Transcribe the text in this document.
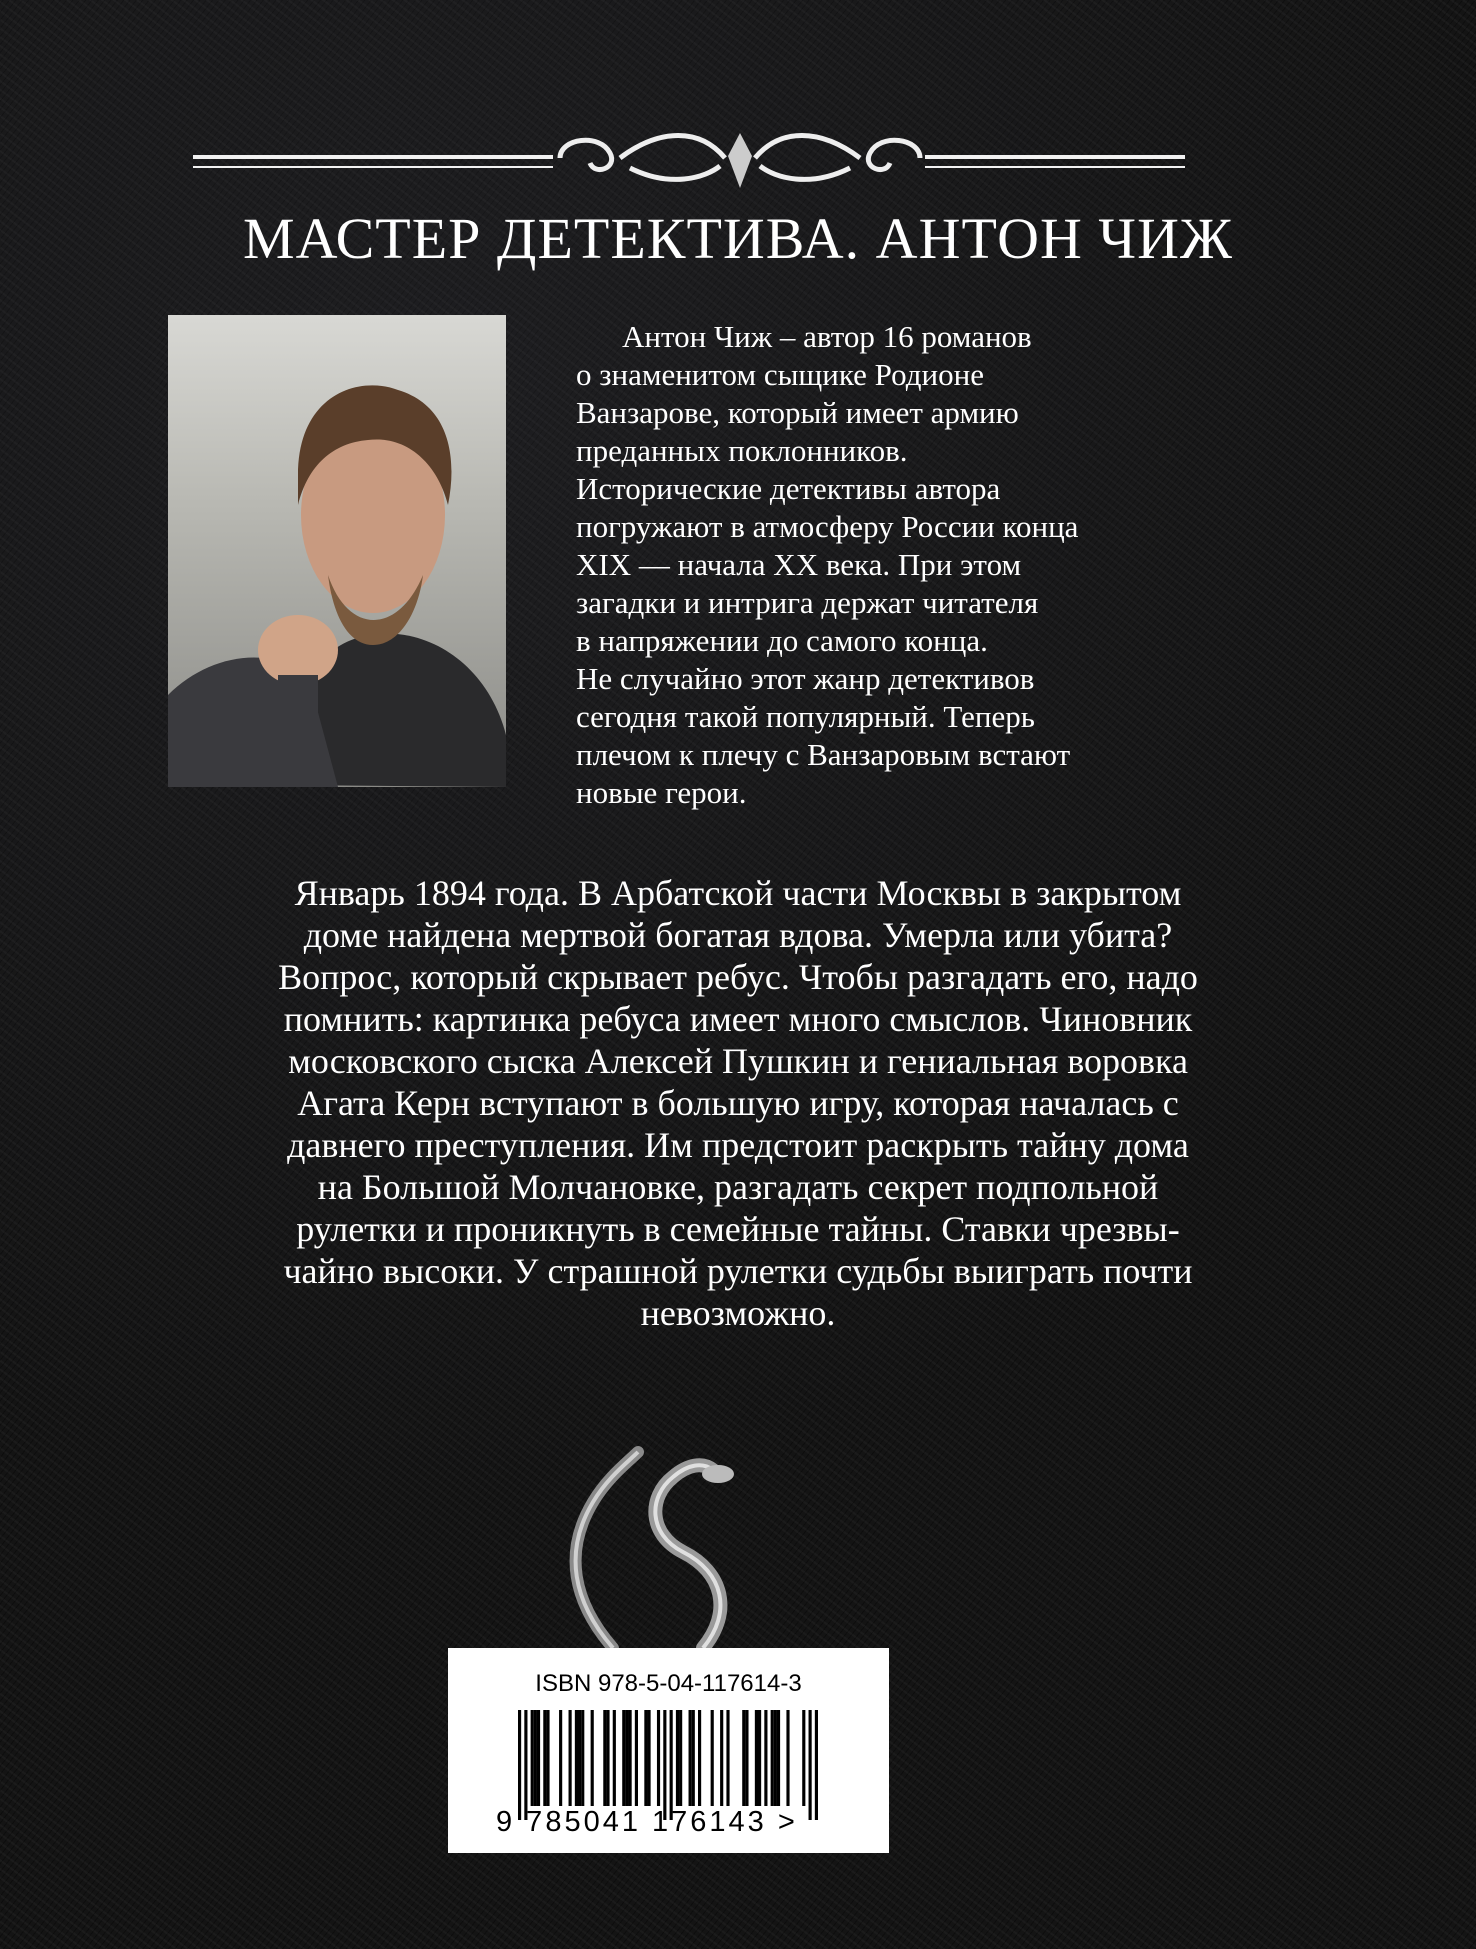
МАСТЕР ДЕТЕКТИВА. АНТОН ЧИЖ
Антон Чиж – автор 16 романов
о знаменитом сыщике Родионе
Ванзарове, который имеет армию
преданных поклонников.
Исторические детективы автора
погружают в атмосферу России конца
XIX — начала XX века. При этом
загадки и интрига держат читателя
в напряжении до самого конца.
Не случайно этот жанр детективов
сегодня такой популярный. Теперь
плечом к плечу с Ванзаровым встают
новые герои.
Январь 1894 года. В Арбатской части Москвы в закрытом
доме найдена мертвой богатая вдова. Умерла или убита?
Вопрос, который скрывает ребус. Чтобы разгадать его, надо
помнить: картинка ребуса имеет много смыслов. Чиновник
московского сыска Алексей Пушкин и гениальная воровка
Агата Керн вступают в большую игру, которая началась с
давнего преступления. Им предстоит раскрыть тайну дома
на Большой Молчановке, разгадать секрет подпольной
рулетки и проникнуть в семейные тайны. Ставки чрезвы-
чайно высоки. У страшной рулетки судьбы выиграть почти
невозможно.
ISBN 978-5-04-117614-3
9 785041 176143 >
